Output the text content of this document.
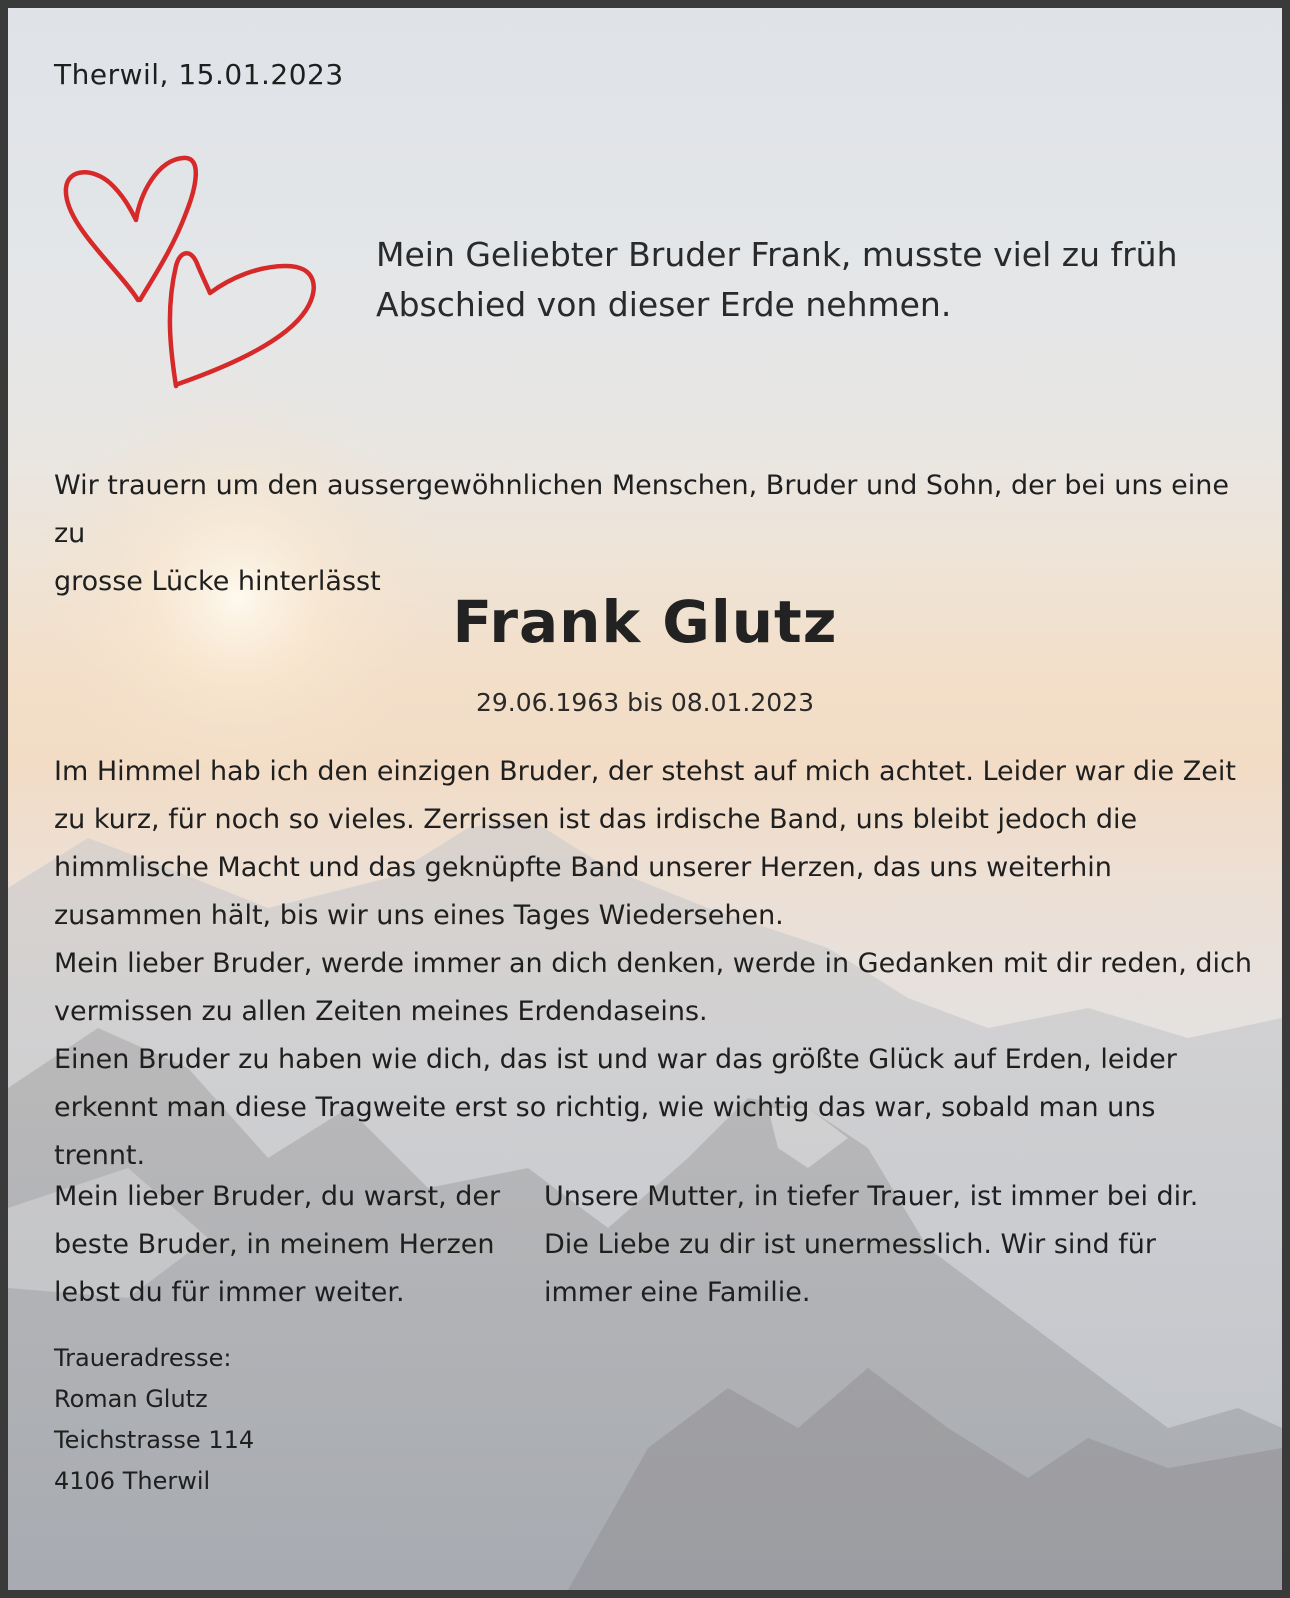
Therwil, 15.01.2023

Mein Geliebter Bruder Frank, musste viel zu früh
Abschied von dieser Erde nehmen.
Wir trauern um den aussergewöhnlichen Menschen, Bruder und Sohn, der bei uns eine zu
grosse Lücke hinterlässt
Frank Glutz

29.06.1963 bis 08.01.2023

Im Himmel hab ich den einzigen Bruder, der stehst auf mich achtet. Leider war die Zeit

zu kurz, für noch so vieles. Zerrissen ist das irdische Band, uns bleibt jedoch die

himmlische Macht und das geknüpfte Band unserer Herzen, das uns weiterhin

zusammen hält, bis wir uns eines Tages Wiedersehen.

Mein lieber Bruder, werde immer an dich denken, werde in Gedanken mit dir reden, dich

vermissen zu allen Zeiten meines Erdendaseins.

Einen Bruder zu haben wie dich, das ist und war das größte Glück auf Erden, leider

erkennt man diese Tragweite erst so richtig, wie wichtig das war, sobald man uns trennt.

Mein lieber Bruder, du warst, der
beste Bruder, in meinem Herzen
lebst du für immer weiter.
Unsere Mutter, in tiefer Trauer, ist immer bei dir.
Die Liebe zu dir ist unermesslich. Wir sind für
immer eine Familie.
Traueradresse:
Roman Glutz
Teichstrasse 114
4106 Therwil
